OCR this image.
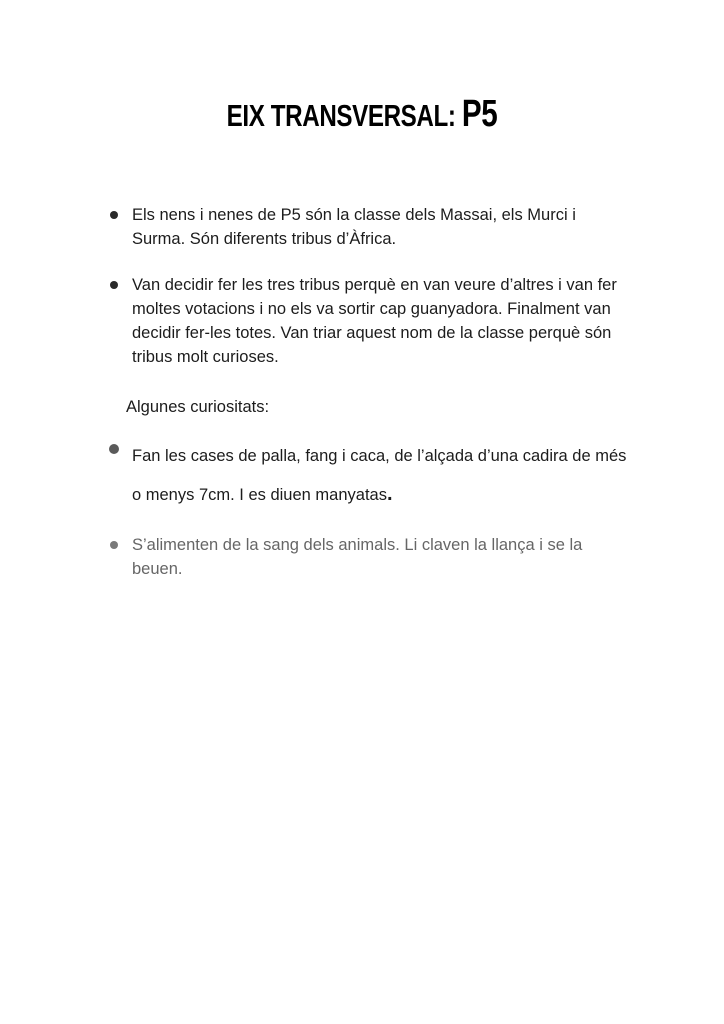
EIX TRANSVERSAL: P5
Els nens i nenes de P5 són la classe dels Massai, els Murci i Surma. Són diferents tribus d’Àfrica.
Van decidir fer les tres tribus perquè en van veure d’altres i van fer moltes votacions i no els va sortir cap guanyadora. Finalment van decidir fer-les totes. Van triar aquest nom de la classe perquè són tribus molt curioses.
Algunes curiositats:
Fan les cases de palla, fang i caca, de l’alçada d’una cadira de més o menys 7cm. I es diuen manyatas.
S’alimenten de la sang dels animals. Li claven la llança i se la beuen.
